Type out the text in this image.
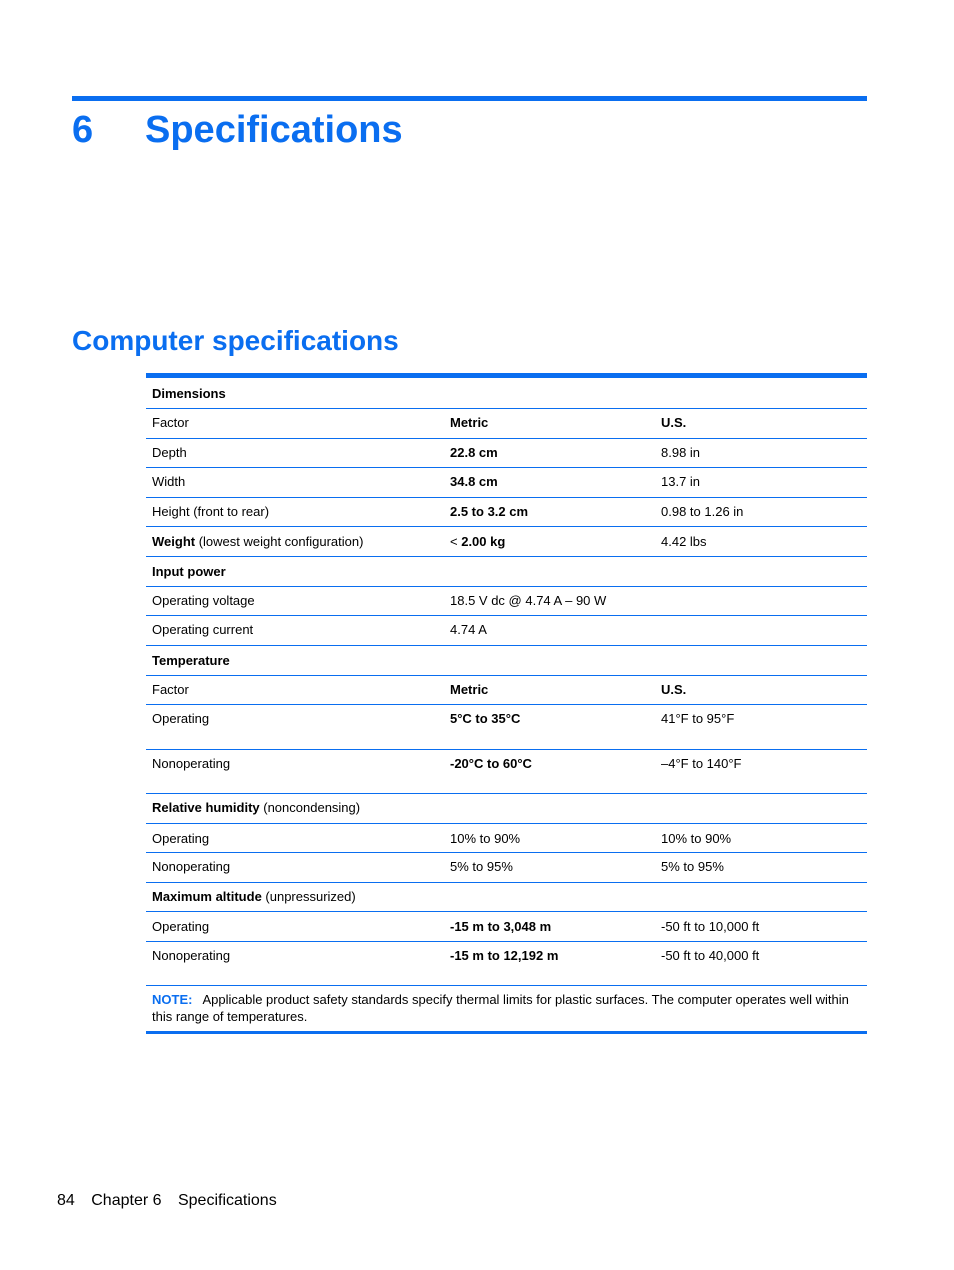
6 Specifications
Computer specifications
Dimensions
Factor	Metric	U.S.
Depth	22.8 cm	8.98 in
Width	34.8 cm	13.7 in
Height (front to rear)	2.5 to 3.2 cm	0.98 to 1.26 in
Weight (lowest weight configuration)	< 2.00 kg	4.42 lbs
Input power
Operating voltage	18.5 V dc @ 4.74 A – 90 W
Operating current	4.74 A
Temperature
Factor	Metric	U.S.
Operating	5°C to 35°C	41°F to 95°F
Nonoperating	-20°C to 60°C	–4°F to 140°F
Relative humidity (noncondensing)
Operating	10% to 90%	10% to 90%
Nonoperating	5% to 95%	5% to 95%
Maximum altitude (unpressurized)
Operating	-15 m to 3,048 m	-50 ft to 10,000 ft
Nonoperating	-15 m to 12,192 m	-50 ft to 40,000 ft
NOTE: Applicable product safety standards specify thermal limits for plastic surfaces. The computer operates well within this range of temperatures.
84 Chapter 6 Specifications
